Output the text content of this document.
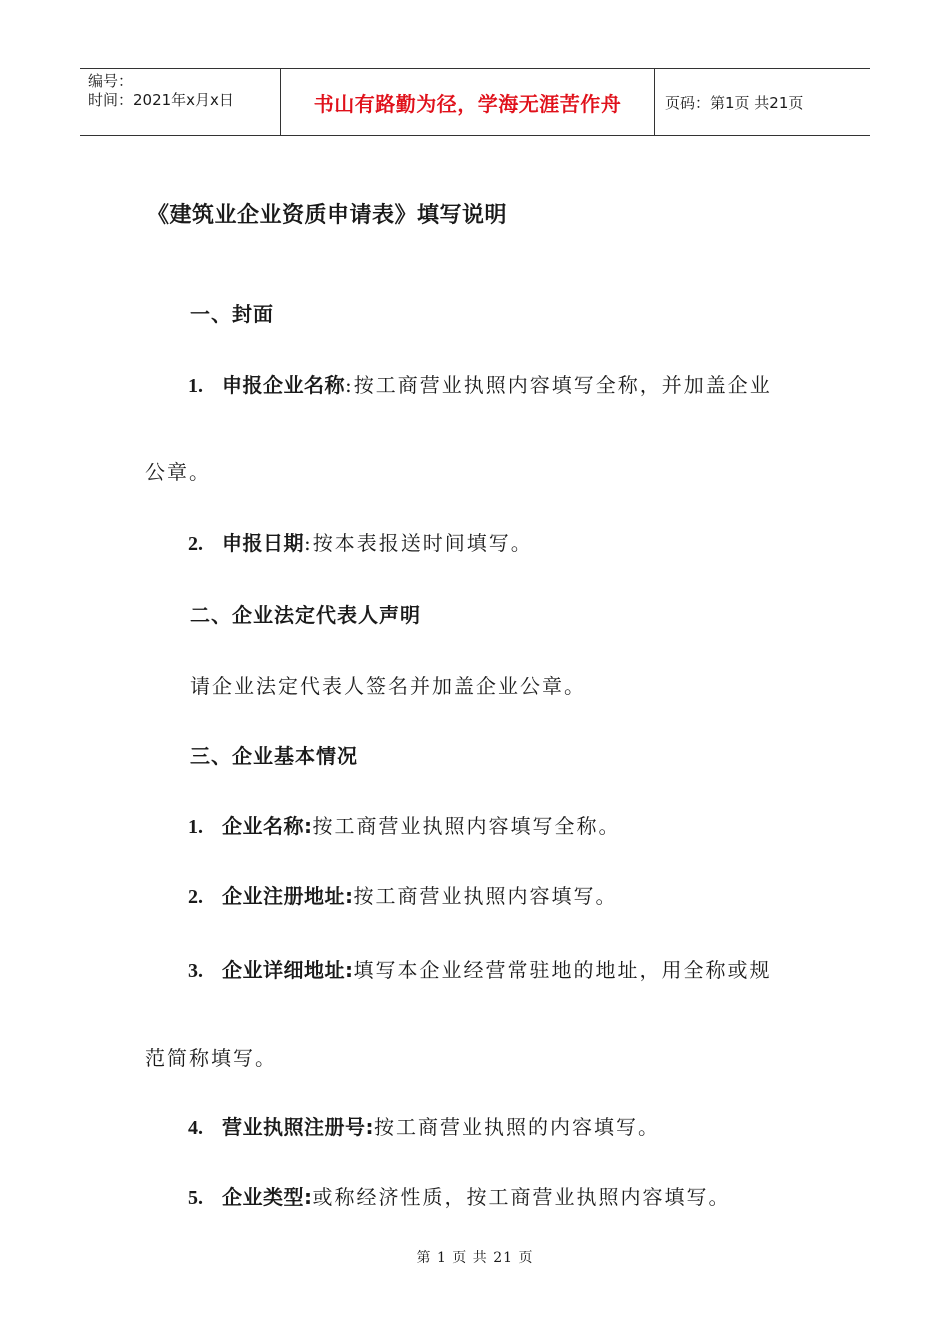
编号：
时间：2021年x月x日	书山有路勤为径，学海无涯苦作舟	页码：第1页 共21页
《建筑业企业资质申请表》填写说明
一、封面
1. 申报企业名称:按工商营业执照内容填写全称，并加盖企业
公章。
2. 申报日期:按本表报送时间填写。
二、企业法定代表人声明
请企业法定代表人签名并加盖企业公章。
三、企业基本情况
1. 企业名称:按工商营业执照内容填写全称。
2. 企业注册地址:按工商营业执照内容填写。
3. 企业详细地址:填写本企业经营常驻地的地址，用全称或规
范简称填写。
4. 营业执照注册号:按工商营业执照的内容填写。
5. 企业类型:或称经济性质，按工商营业执照内容填写。
第 1 页 共 21 页
